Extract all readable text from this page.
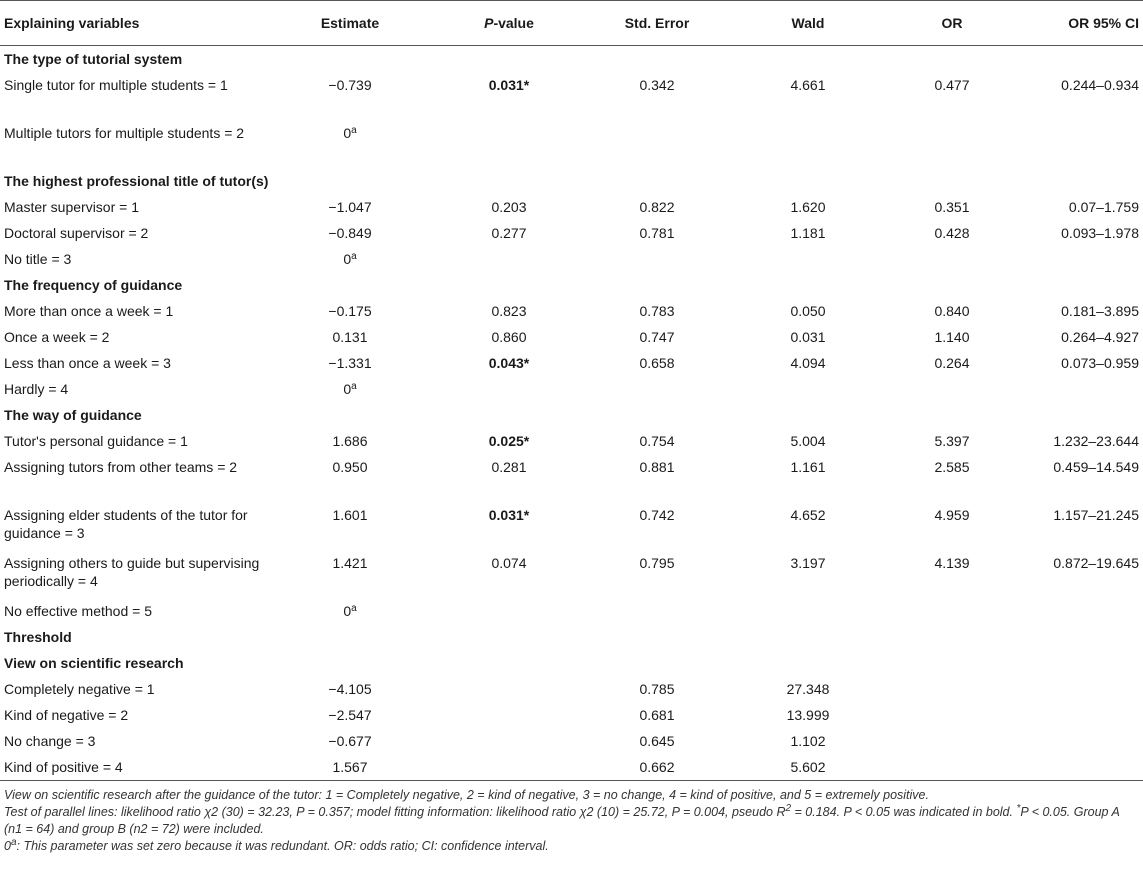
Explaining variables	Estimate	P-value	Std. Error	Wald	OR	OR 95% CI
The type of tutorial system						
Single tutor for multiple students = 1	−0.739	0.031*	0.342	4.661	0.477	0.244–0.934
Multiple tutors for multiple students = 2	0$^a$					
The highest professional title of tutor(s)						
Master supervisor = 1	−1.047	0.203	0.822	1.620	0.351	0.07–1.759
Doctoral supervisor = 2	−0.849	0.277	0.781	1.181	0.428	0.093–1.978
No title = 3	0$^a$					
The frequency of guidance						
More than once a week = 1	−0.175	0.823	0.783	0.050	0.840	0.181–3.895
Once a week = 2	0.131	0.860	0.747	0.031	1.140	0.264–4.927
Less than once a week = 3	−1.331	0.043*	0.658	4.094	0.264	0.073–0.959
Hardly = 4	0$^a$					
The way of guidance						
Tutor's personal guidance = 1	1.686	0.025*	0.754	5.004	5.397	1.232–23.644
Assigning tutors from other teams = 2	0.950	0.281	0.881	1.161	2.585	0.459–14.549
Assigning elder students of the tutor for guidance = 3	1.601	0.031*	0.742	4.652	4.959	1.157–21.245
Assigning others to guide but supervising periodically = 4	1.421	0.074	0.795	3.197	4.139	0.872–19.645
No effective method = 5	0$^a$					
Threshold						
View on scientific research						
Completely negative = 1	−4.105		0.785	27.348		
Kind of negative = 2	−2.547		0.681	13.999		
No change = 3	−0.677		0.645	1.102		
Kind of positive = 4	1.567		0.662	5.602		
View on scientific research after the guidance of the tutor: 1 = Completely negative, 2 = kind of negative, 3 = no change, 4 = kind of positive, and 5 = extremely positive.
Test of parallel lines: likelihood ratio χ2 (30) = 32.23, P = 0.357; model fitting information: likelihood ratio χ2 (10) = 25.72, P = 0.004, pseudo $R^2 = 0.184$. P < 0.05 was indicated in bold. *P < 0.05. Group A (n1 = 64) and group B (n2 = 72) were included.
0$^a$: This parameter was set zero because it was redundant. OR: odds ratio; CI: confidence interval.
